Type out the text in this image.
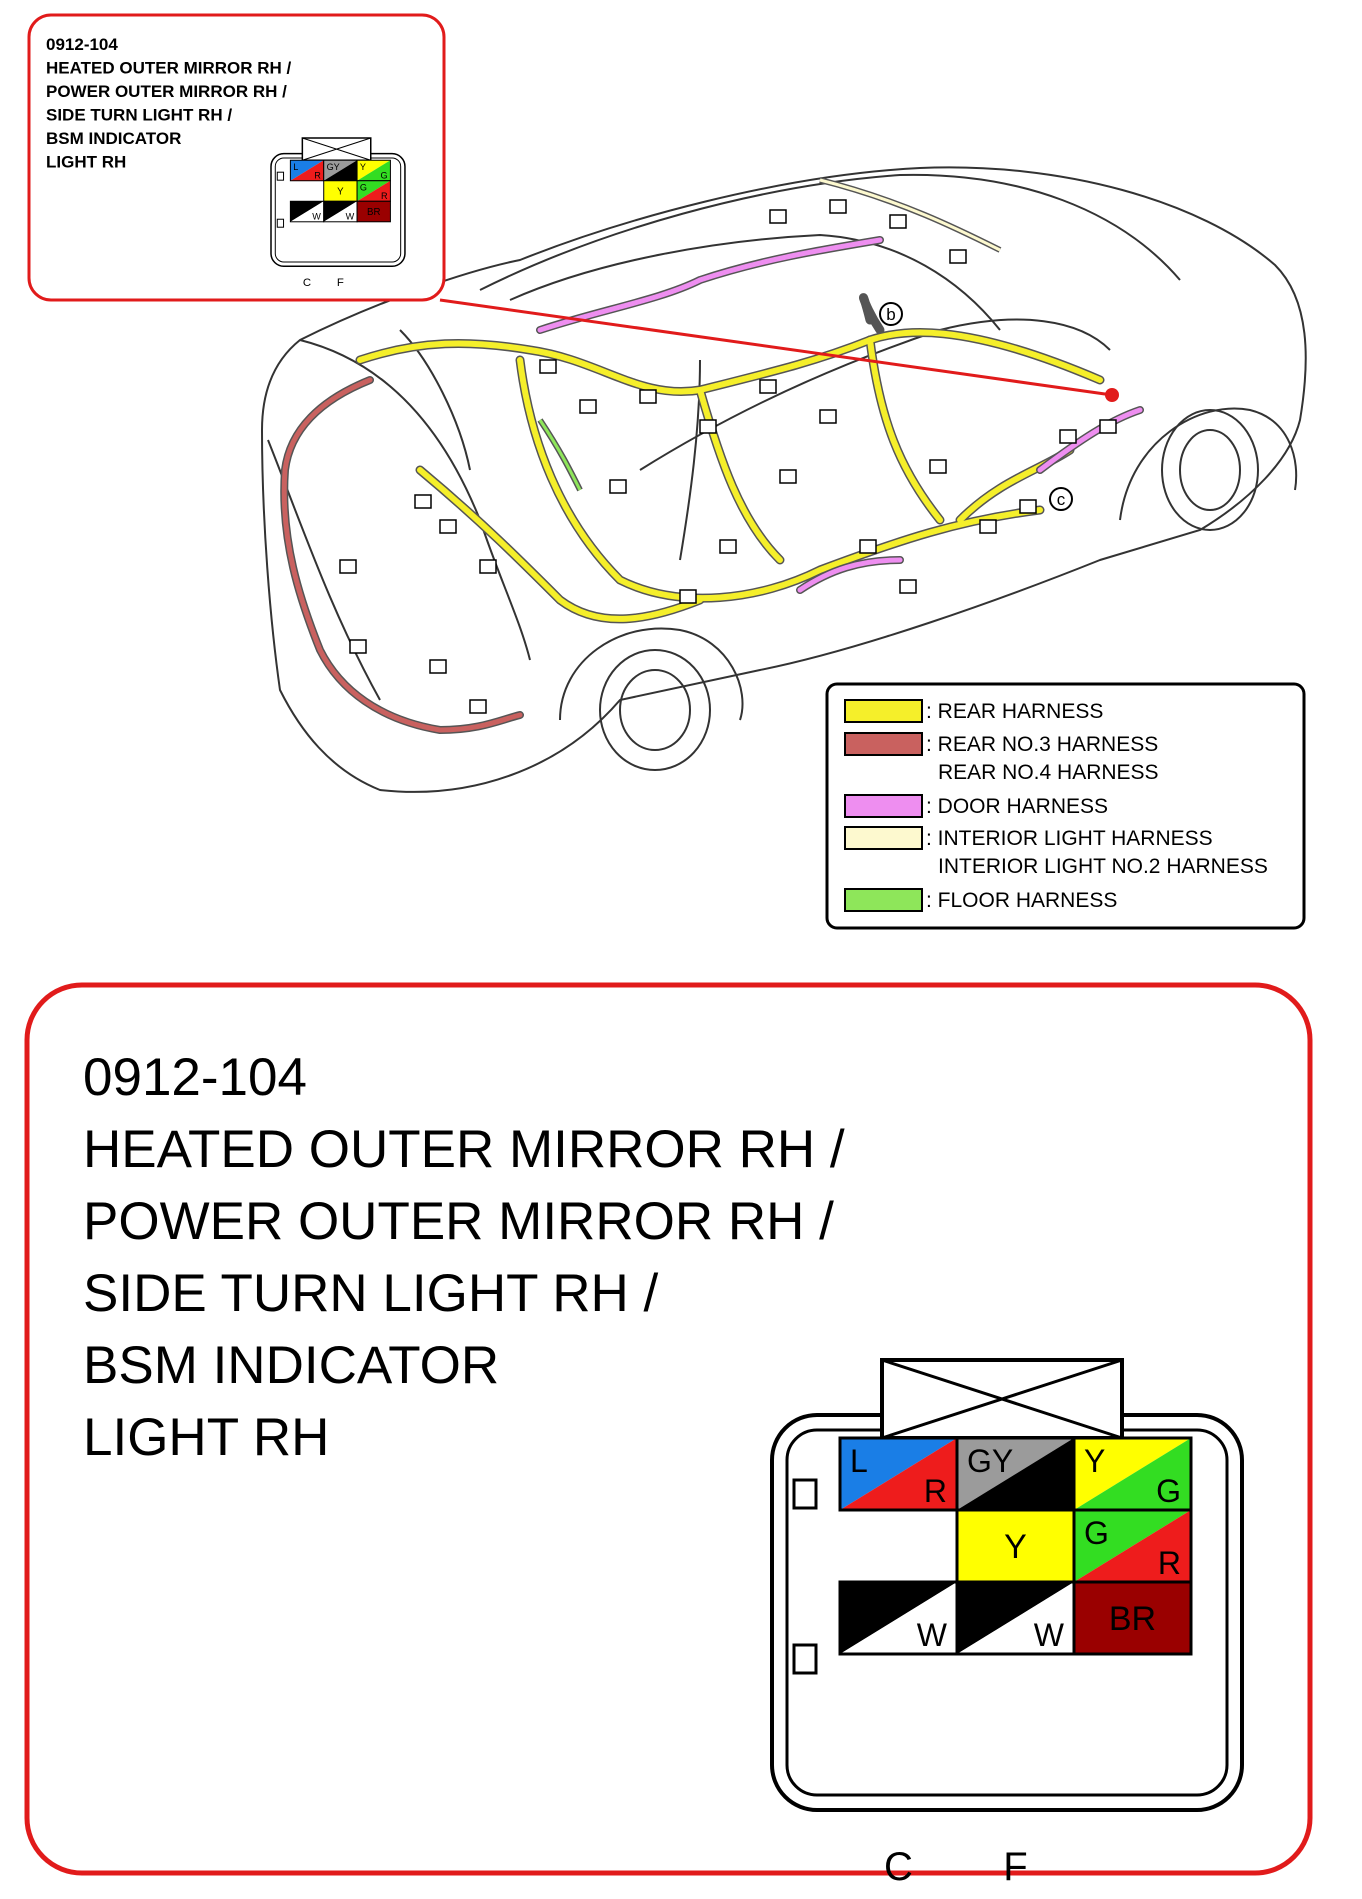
b
c
0912-104
HEATED OUTER MIRROR RH /
POWER OUTER MIRROR RH /
SIDE TURN LIGHT RH /
BSM INDICATOR
LIGHT RH	L
R
GY
B
Y
G
Y G
R
B
W
B
W BR
C F
: REAR HARNESS
: REAR NO.3 HARNESS
REAR NO.4 HARNESS
: DOOR HARNESS
: INTERIOR LIGHT HARNESS
INTERIOR LIGHT NO.2 HARNESS
: FLOOR HARNESS
0912-104
HEATED OUTER MIRROR RH /
POWER OUTER MIRROR RH /
SIDE TURN LIGHT RH /
BSM INDICATOR
LIGHT RH	L
R
GY
B
Y
G
Y G
R
B
W
B
W BR
C F
